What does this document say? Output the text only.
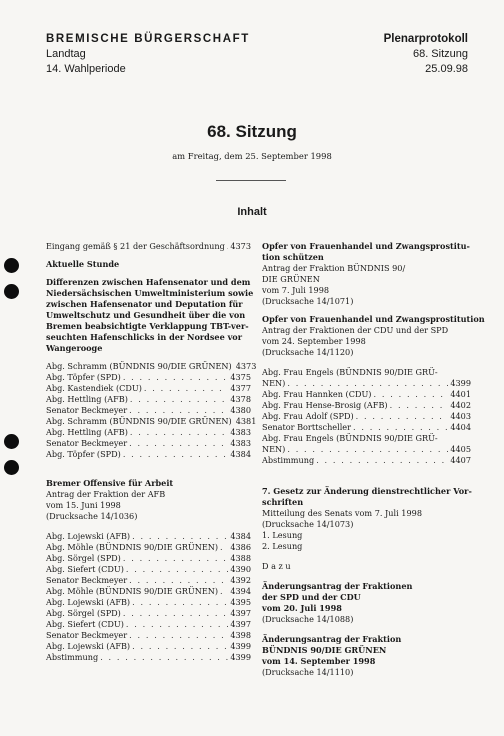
BREMISCHE BÜRGERSCHAFT
Landtag
14. Wahlperiode
Plenarprotokoll
68. Sitzung
25.09.98
68. Sitzung
am Freitag, dem 25. September 1998
Inhalt
Eingang gemäß § 21 der Geschäftsordnung . . . 4373
Aktuelle Stunde
Differenzen zwischen Hafensenator und dem
Niedersächsischen Umweltministerium sowie
zwischen Hafensenator und Deputation für
Umweltschutz und Gesundheit über die von
Bremen beabsichtigte Verklappung TBT-ver-
seuchten Hafenschlicks in der Nordsee vor
Wangerooge
Abg. Schramm (BÜNDNIS 90/DIE GRÜNEN) 4373
Abg. Töpfer (SPD) . . .	4375
Abg. Kastendiek (CDU) . . .	4377
Abg. Hettling (AFB) . . .	4378
Senator Beckmeyer . . .	4380
Abg. Schramm (BÜNDNIS 90/DIE GRÜNEN) 4381
Abg. Hettling (AFB) . . .	4383
Senator Beckmeyer . . .	4383
Abg. Töpfer (SPD) . . .	4384
Bremer Offensive für Arbeit
Antrag der Fraktion der AFB
vom 15. Juni 1998
(Drucksache 14/1036)
Abg. Lojewski (AFB) . . .	4384
Abg. Möhle (BÜNDNIS 90/DIE GRÜNEN) . . . 4386
Abg. Sörgel (SPD) . . .	4388
Abg. Siefert (CDU) . . .	4390
Senator Beckmeyer . . .	4392
Abg. Möhle (BÜNDNIS 90/DIE GRÜNEN) . . . 4394
Abg. Lojewski (AFB) . . .	4395
Abg. Sörgel (SPD) . . .	4397
Abg. Siefert (CDU) . . .	4397
Senator Beckmeyer . . .	4398
Abg. Lojewski (AFB) . . .	4399
Abstimmung . . .	4399
Opfer von Frauenhandel und Zwangsprostitu-
tion schützen
Antrag der Fraktion BÜNDNIS 90/
DIE GRÜNEN
vom 7. Juli 1998
(Drucksache 14/1071)
Opfer von Frauenhandel und Zwangsprostitution
Antrag der Fraktionen der CDU und der SPD
vom 24. September 1998
(Drucksache 14/1120)
Abg. Frau Engels (BÜNDNIS 90/DIE GRÜ-
NEN) . . .	4399
Abg. Frau Hannken (CDU) . . .	4401
Abg. Frau Hense-Brosig (AFB) . . .	4402
Abg. Frau Adolf (SPD) . . .	4403
Senator Borttscheller . . .	4404
Abg. Frau Engels (BÜNDNIS 90/DIE GRÜ-
NEN) . . .	4405
Abstimmung . . .	4407
7. Gesetz zur Änderung dienstrechtlicher Vor-
schriften
Mitteilung des Senats vom 7. Juli 1998
(Drucksache 14/1073)
1. Lesung
2. Lesung
D a z u
Änderungsantrag der Fraktionen
der SPD und der CDU
vom 20. Juli 1998
(Drucksache 14/1088)
Änderungsantrag der Fraktion
BÜNDNIS 90/DIE GRÜNEN
vom 14. September 1998
(Drucksache 14/1110)
